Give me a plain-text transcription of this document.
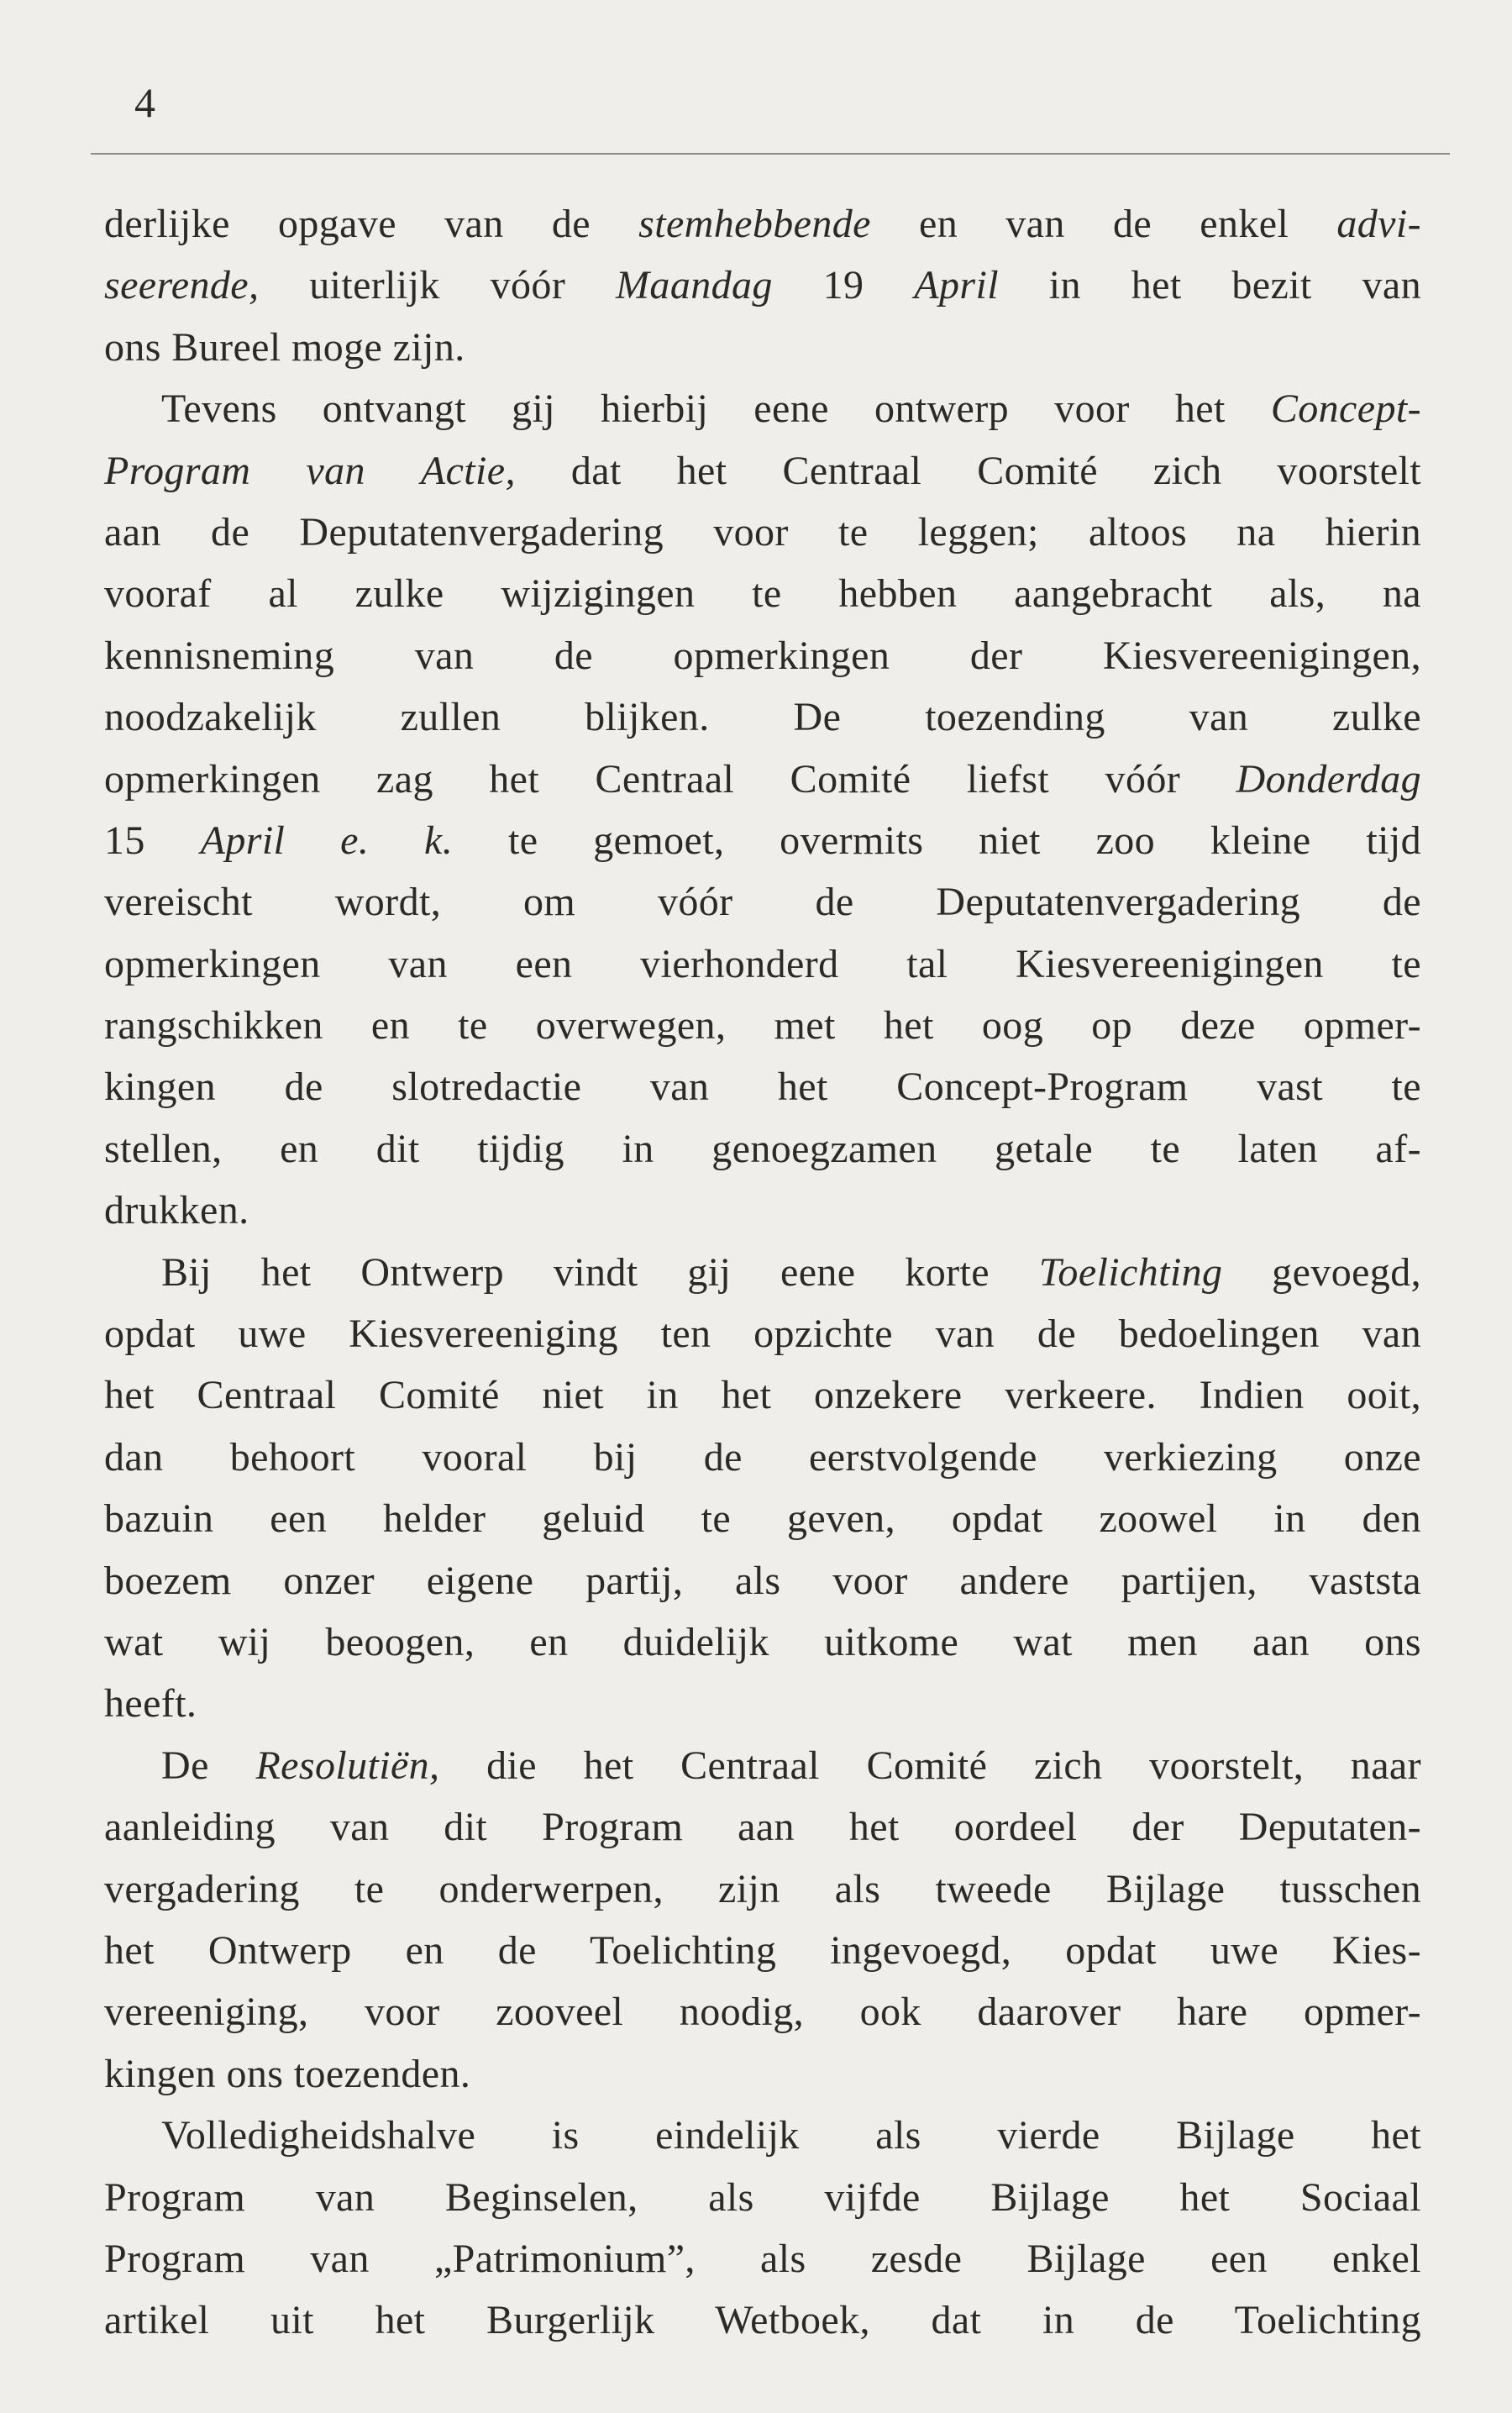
4
derlijke opgave van de stemhebbende en van de enkel advi-
seerende, uiterlijk vóór Maandag 19 April in het bezit van
ons Bureel moge zijn.
Tevens ontvangt gij hierbij eene ontwerp voor het Concept-
Program van Actie, dat het Centraal Comité zich voorstelt
aan de Deputatenvergadering voor te leggen; altoos na hierin
vooraf al zulke wijzigingen te hebben aangebracht als, na
kennisneming van de opmerkingen der Kiesvereenigingen,
noodzakelijk zullen blijken. De toezending van zulke
opmerkingen zag het Centraal Comité liefst vóór Donderdag
15 April e. k. te gemoet, overmits niet zoo kleine tijd
vereischt wordt, om vóór de Deputatenvergadering de
opmerkingen van een vierhonderd tal Kiesvereenigingen te
rangschikken en te overwegen, met het oog op deze opmer-
kingen de slotredactie van het Concept-Program vast te
stellen, en dit tijdig in genoegzamen getale te laten af-
drukken.
Bij het Ontwerp vindt gij eene korte Toelichting gevoegd,
opdat uwe Kiesvereeniging ten opzichte van de bedoelingen van
het Centraal Comité niet in het onzekere verkeere. Indien ooit,
dan behoort vooral bij de eerstvolgende verkiezing onze
bazuin een helder geluid te geven, opdat zoowel in den
boezem onzer eigene partij, als voor andere partijen, vaststa
wat wij beoogen, en duidelijk uitkome wat men aan ons
heeft.
De Resolutiën, die het Centraal Comité zich voorstelt, naar
aanleiding van dit Program aan het oordeel der Deputaten-
vergadering te onderwerpen, zijn als tweede Bijlage tusschen
het Ontwerp en de Toelichting ingevoegd, opdat uwe Kies-
vereeniging, voor zooveel noodig, ook daarover hare opmer-
kingen ons toezenden.
Volledigheidshalve is eindelijk als vierde Bijlage het
Program van Beginselen, als vijfde Bijlage het Sociaal
Program van „Patrimonium”, als zesde Bijlage een enkel
artikel uit het Burgerlijk Wetboek, dat in de Toelichting
